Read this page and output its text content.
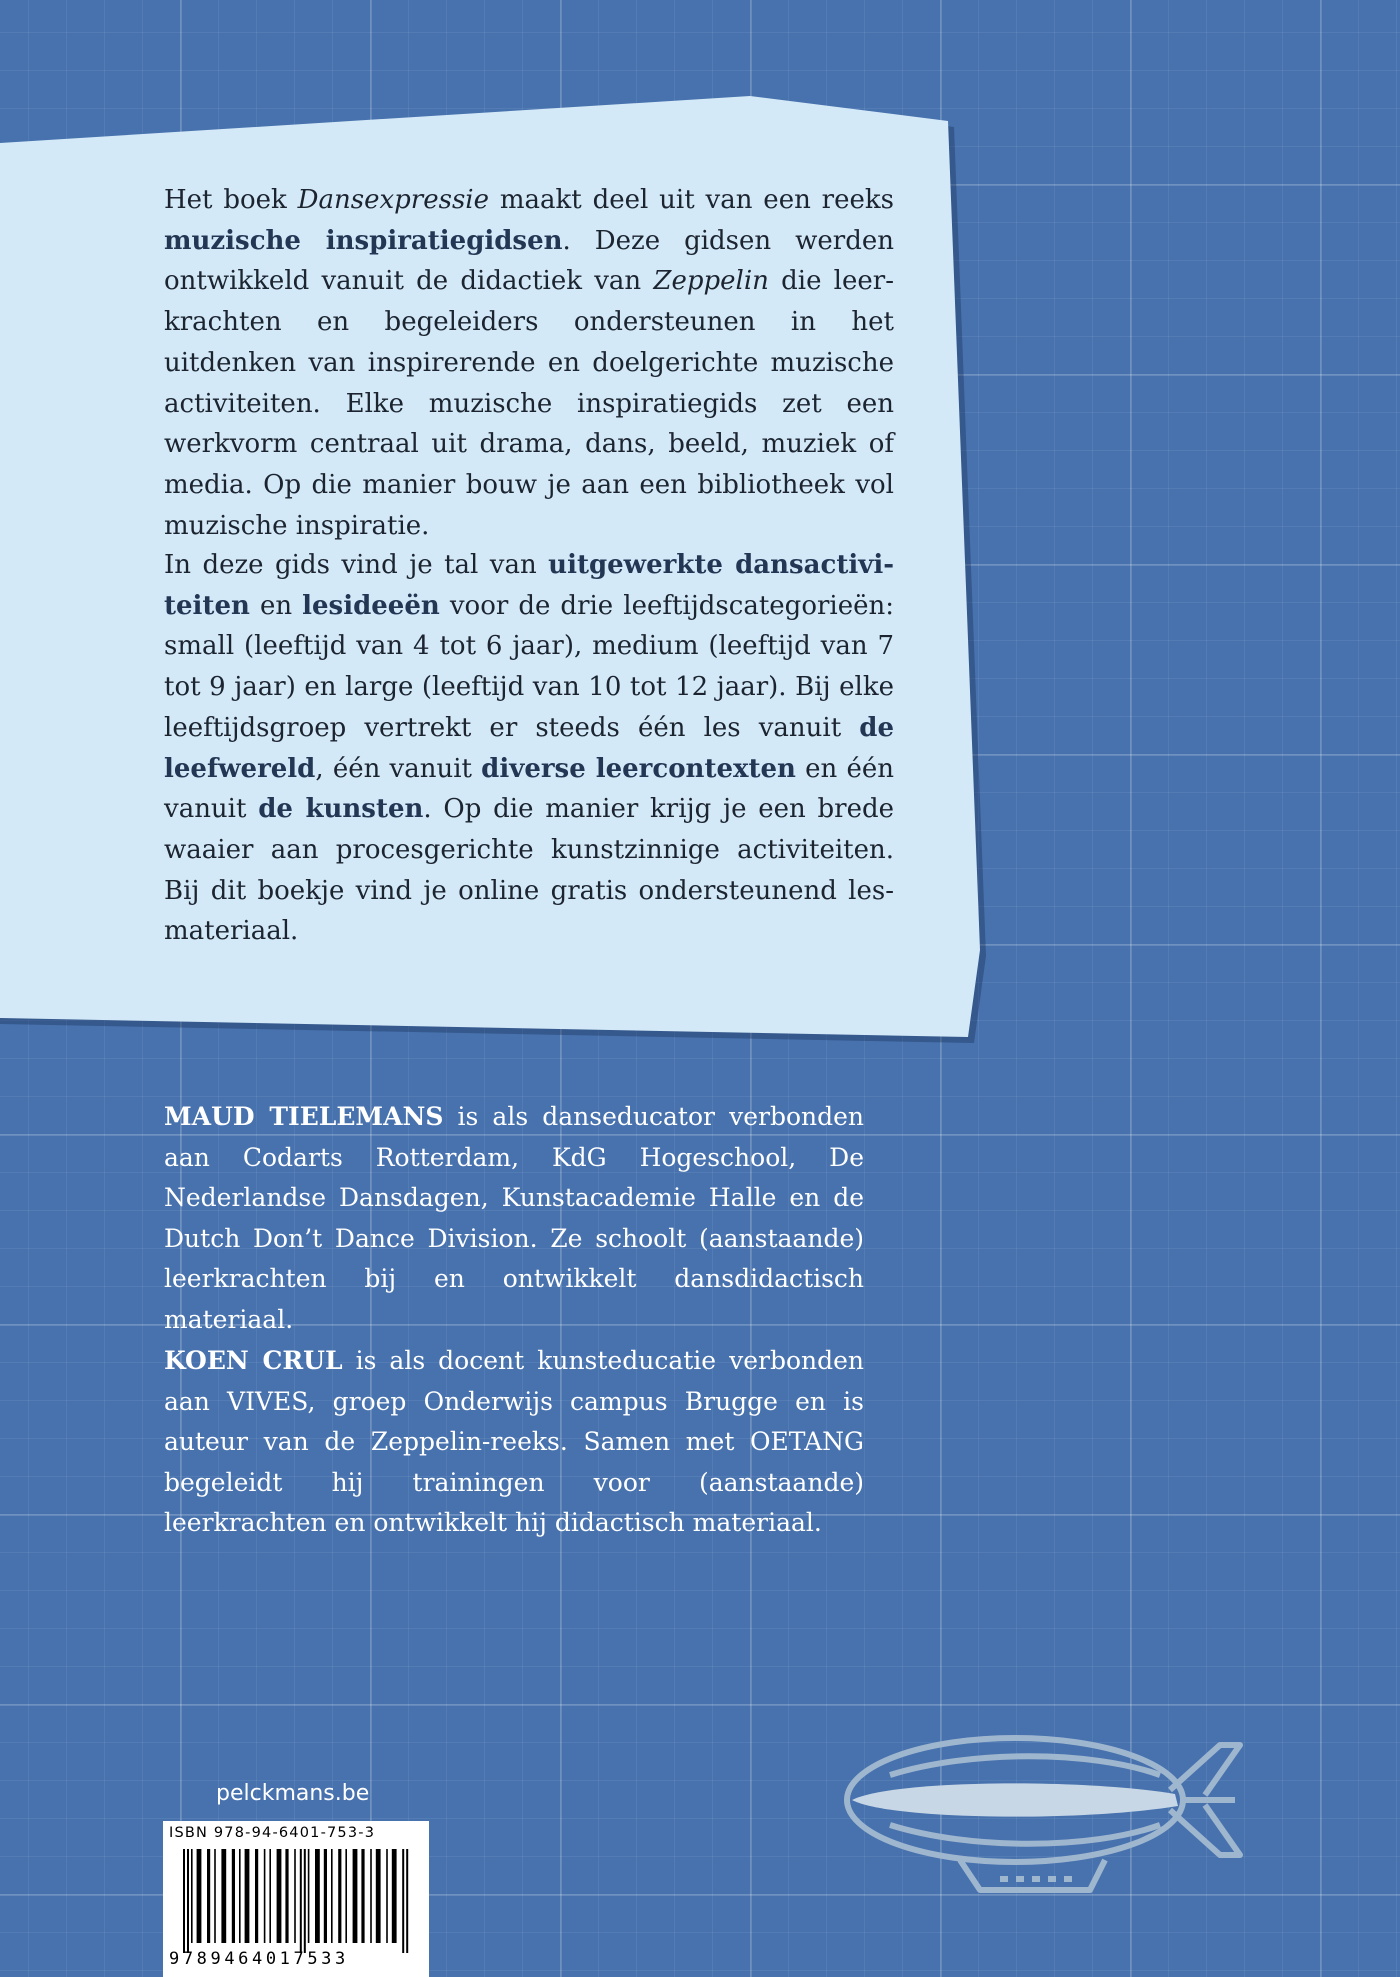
Het boek Dansexpressie maakt deel uit van een reeks muzische inspiratiegidsen. Deze gidsen werden ontwikkeld vanuit de didactiek van Zeppelin die leerkrachten en begeleiders ondersteunen in het uitdenken van inspirerende en doelgerichte muzische activiteiten. Elke muzische inspiratiegids zet een werkvorm centraal uit drama, dans, beeld, muziek of media. Op die manier bouw je aan een bibliotheek vol muzische inspiratie.

In deze gids vind je tal van uitgewerkte dansactiviteiten en lesideeën voor de drie leeftijdscategorieën: small (leeftijd van 4 tot 6 jaar), medium (leeftijd van 7 tot 9 jaar) en large (leeftijd van 10 tot 12 jaar). Bij elke leeftijdsgroep vertrekt er steeds één les vanuit de leefwereld, één vanuit diverse leercontexten en één vanuit de kunsten. Op die manier krijg je een brede waaier aan procesgerichte kunstzinnige activiteiten. Bij dit boekje vind je online gratis ondersteunend lesmateriaal.

MAUD TIELEMANS is als danseducator verbonden aan Codarts Rotterdam, KdG Hogeschool, De Nederlandse Dansdagen, Kunstacademie Halle en de Dutch Don’t Dance Division. Ze schoolt (aanstaande) leerkrachten bij en ontwikkelt dansdidactisch materiaal.
KOEN CRUL is als docent kunsteducatie verbonden aan VIVES, groep Onderwijs campus Brugge en is auteur van de Zeppelin-reeks. Samen met OETANG begeleidt hij trainingen voor (aanstaande) leerkrachten en ontwikkelt hij didactisch materiaal.
pelckmans.be
ISBN 978-94-6401-753-3
9789464017533
